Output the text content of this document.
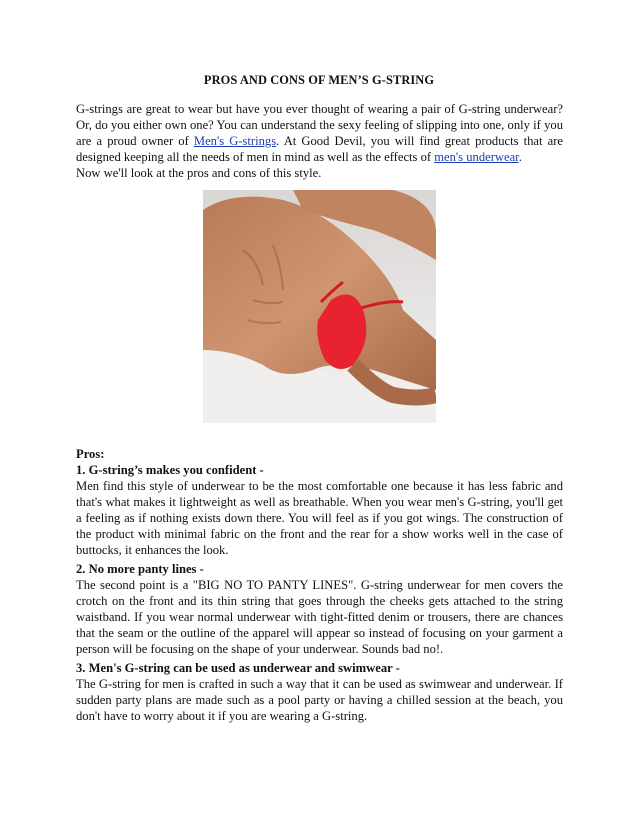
PROS AND CONS OF MEN’S G-STRING

G-strings are great to wear but have you ever thought of wearing a pair of G-string underwear? Or, do you either own one? You can understand the sexy feeling of slipping into one, only if you are a proud owner of Men's G-strings. At Good Devil, you will find great products that are designed keeping all the needs of men in mind as well as the effects of men's underwear.
Now we'll look at the pros and cons of this style.

Pros:
1. G-string’s makes you confident -

Men find this style of underwear to be the most comfortable one because it has less fabric and that's what makes it lightweight as well as breathable. When you wear men's G-string, you'll get a feeling as if nothing exists down there. You will feel as if you got wings. The construction of the product with minimal fabric on the front and the rear for a show works well in the case of buttocks, it enhances the look.

2. No more panty lines -

The second point is a "BIG NO TO PANTY LINES". G-string underwear for men covers the crotch on the front and its thin string that goes through the cheeks gets attached to the string waistband. If you wear normal underwear with tight-fitted denim or trousers, there are chances that the seam or the outline of the apparel will appear so instead of focusing on your garment a person will be focusing on the shape of your underwear. Sounds bad no!.

3. Men's G-string can be used as underwear and swimwear -

The G-string for men is crafted in such a way that it can be used as swimwear and underwear. If sudden party plans are made such as a pool party or having a chilled session at the beach, you don't have to worry about it if you are wearing a G-string.
